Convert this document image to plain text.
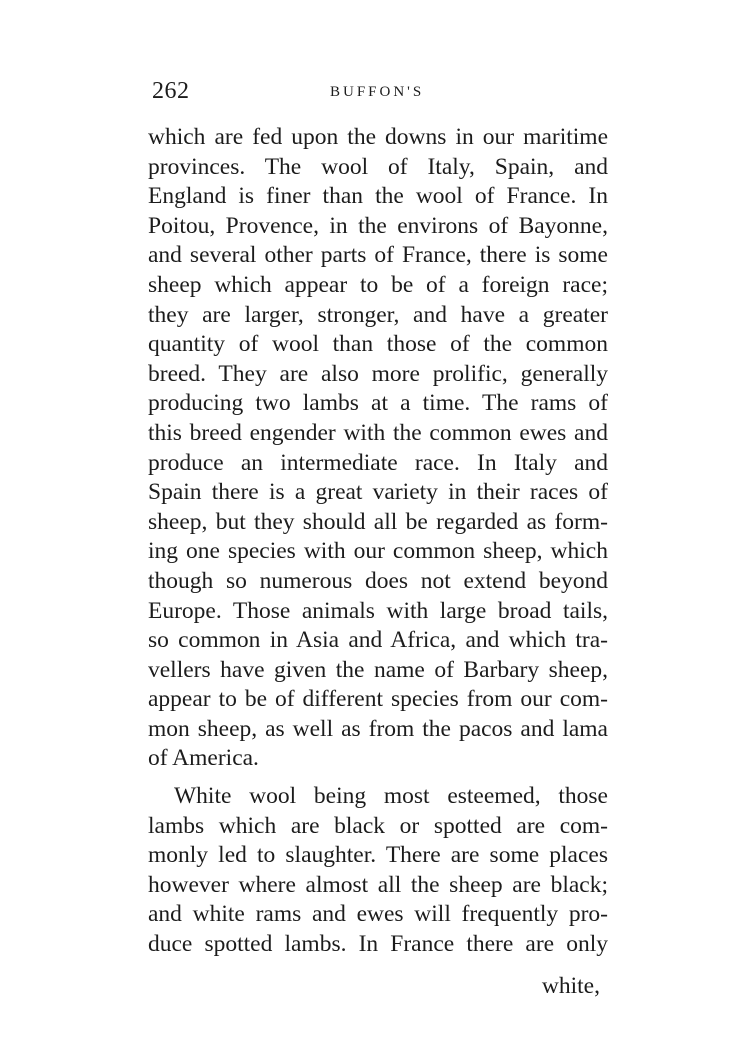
262	BUFFON'S
which are fed upon the downs in our maritime
provinces. The wool of Italy, Spain, and
England is finer than the wool of France. In
Poitou, Provence, in the environs of Bayonne,
and several other parts of France, there is some
sheep which appear to be of a foreign race;
they are larger, stronger, and have a greater
quantity of wool than those of the common
breed. They are also more prolific, generally
producing two lambs at a time. The rams of
this breed engender with the common ewes and
produce an intermediate race. In Italy and
Spain there is a great variety in their races of
sheep, but they should all be regarded as form-
ing one species with our common sheep, which
though so numerous does not extend beyond
Europe. Those animals with large broad tails,
so common in Asia and Africa, and which tra-
vellers have given the name of Barbary sheep,
appear to be of different species from our com-
mon sheep, as well as from the pacos and lama
of America.
White wool being most esteemed, those
lambs which are black or spotted are com-
monly led to slaughter. There are some places
however where almost all the sheep are black;
and white rams and ewes will frequently pro-
duce spotted lambs. In France there are only
white,
